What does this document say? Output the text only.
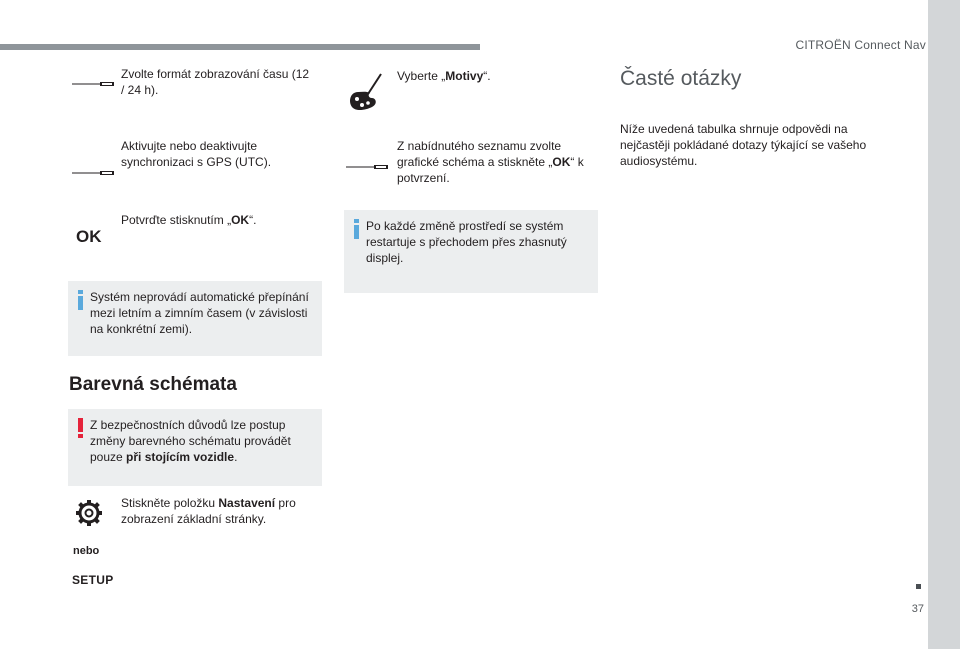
CITROËN Connect Nav
37
Zvolte formát zobrazování času (12 / 24 h).
Aktivujte nebo deaktivujte synchronizaci s GPS (UTC).
OK
Potvrďte stisknutím „OK“.
Systém neprovádí automatické přepínání mezi letním a zimním časem (v závislosti na konkrétní zemi).
Barevná schémata
Z bezpečnostních důvodů lze postup změny barevného schématu provádět pouze při stojícím vozidle.
Stiskněte položku Nastavení pro zobrazení základní stránky.
nebo
SETUP
Vyberte „Motivy“.
Z nabídnutého seznamu zvolte grafické schéma a stiskněte „OK“ k potvrzení.
Po každé změně prostředí se systém restartuje s přechodem přes zhasnutý displej.
Časté otázky
Níže uvedená tabulka shrnuje odpovědi na nejčastěji pokládané dotazy týkající se vašeho audiosystému.
